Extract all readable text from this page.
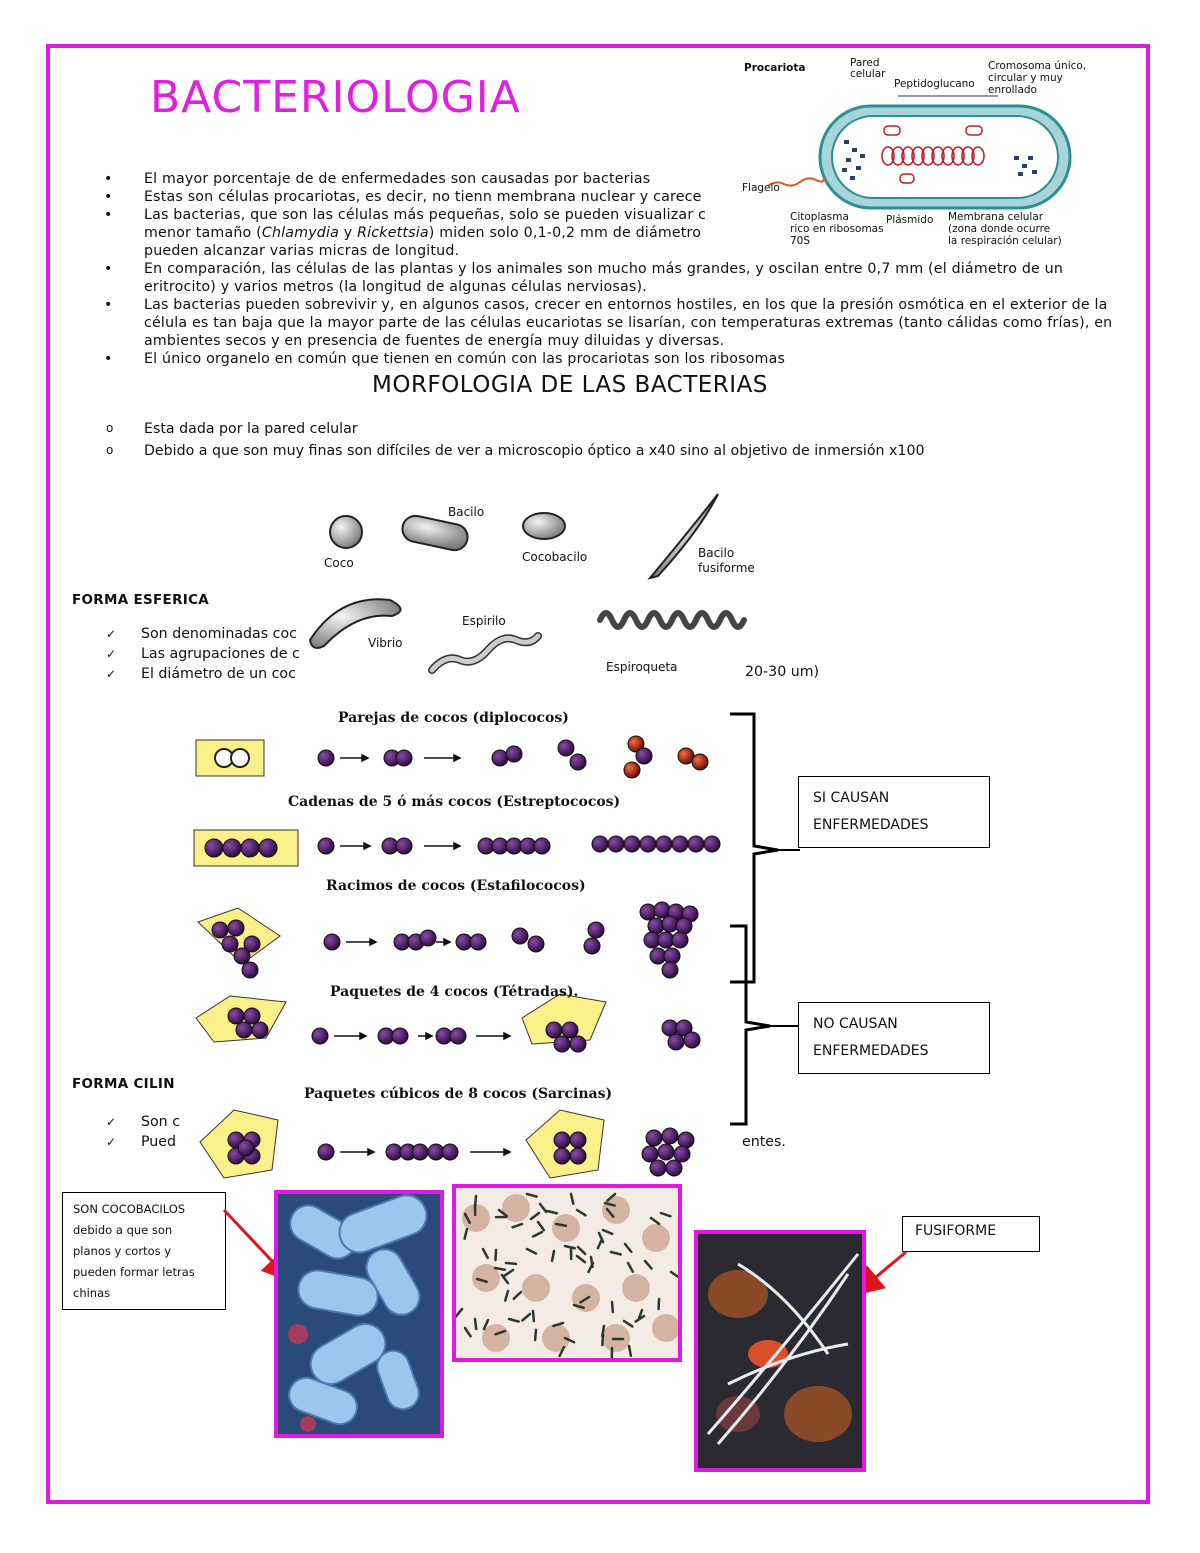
BACTERIOLOGIA
Procariota	Pared
celular
Peptidoglucano
Cromosoma único,
circular y muy
enrollado
Flagelo
Citoplasma
rico en ribosomas
70S
Plásmido Membrana celular
(zona donde ocurre
la respiración celular)
• El mayor porcentaje de de enfermedades son causadas por bacterias
• Estas son células procariotas, es decir, no tienn membrana nuclear y carece
• Las bacterias, que son las células más pequeñas, solo se pueden visualizar c
menor tamaño (Chlamydia y Rickettsia) miden solo 0,1-0,2 mm de diámetro
pueden alcanzar varias micras de longitud.
• En comparación, las células de las plantas y los animales son mucho más grandes, y oscilan entre 0,7 mm (el diámetro de un eritrocito) y varios metros (la longitud de algunas células nerviosas).
• Las bacterias pueden sobrevivir y, en algunos casos, crecer en entornos hostiles, en los que la presión osmótica en el exterior de la célula es tan baja que la mayor parte de las células eucariotas se lisarían, con temperaturas extremas (tanto cálidas como frías), en ambientes secos y en presencia de fuentes de energía muy diluidas y diversas.
• El único organelo en común que tienen en común con las procariotas son los ribosomas
MORFOLOGIA DE LAS BACTERIAS
o Esta dada por la pared celular
o Debido a que son muy finas son difíciles de ver a microscopio óptico a x40 sino al objetivo de inmersión x100
FORMA ESFERICA
✓ Son denominadas coc
✓ Las agrupaciones de c
✓ El diámetro de un coc	20-30 um)
Coco
Bacilo
Cocobacilo	Bacilo
fusiforme
Vibrio
Espirilo
Espiroqueta
FORMA CILIN
✓ Son c
✓ Pued	entes.
Parejas de cocos (diplococos)
Cadenas de 5 ó más cocos (Estreptococos)
Racimos de cocos (Estafilococos)
Paquetes de 4 cocos (Tétradas).
Paquetes cúbicos de 8 cocos (Sarcinas)
SI CAUSAN
ENFERMEDADES
NO CAUSAN
ENFERMEDADES
SON COCOBACILOS
debido a que son
planos y cortos y
pueden formar letras
chinas
FUSIFORME
